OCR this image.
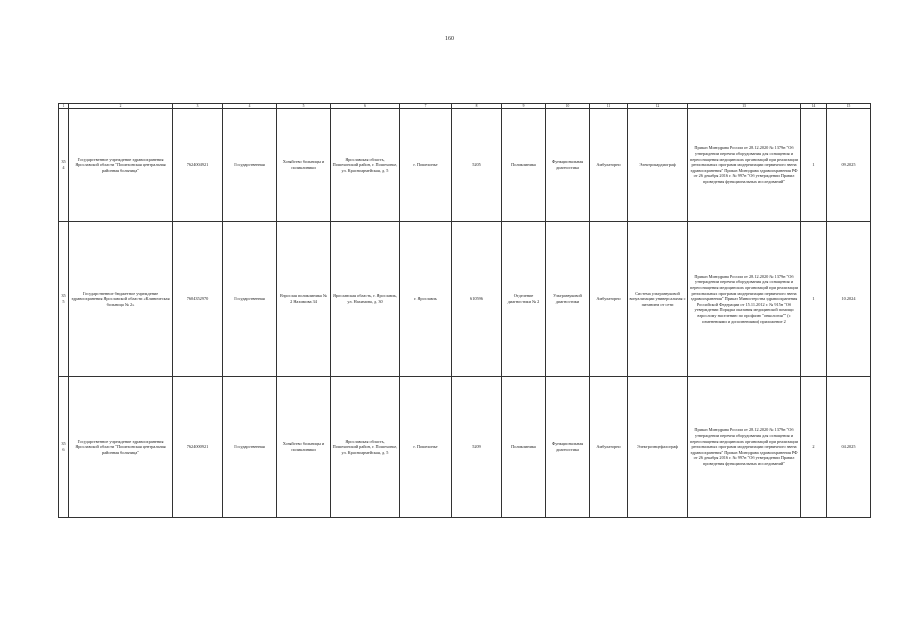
160
1	2	3	4	5	6	7	8	9	10	11	12	13	14	15
354	Государственное учреждение здравоохранения Ярославской области "Пошехонская центральная районная больница"	7624004921	Государственная	Хозяйство больницы и поликлиники	Ярославская область, Пошехонский район, г. Пошехонье, ул. Красноармейская, д. 5	г. Пошехонье	5205	Поликлиника	Функциональная диагностика	Амбулаторно	Электрокардиограф	Приказ Минздрава России от 28.12.2020 № 1379н "Об утверждении перечня оборудования для оснащения и переоснащения медицинских организаций при реализации региональных программ модернизации первичного звена здравоохранения" Приказ Минздрава здравоохранения РФ от 26 декабря 2016 г. № 997н "Об утверждении Правил проведения функциональных исследований"	1	09.2025
355	Государственное бюджетное учреждение здравоохранения Ярославской области «Клиническая больница № 2»	7604352970	Государственная	Взрослая поликлиника № 2 Нахимова 34	Ярославская область, г. Ярославль, ул. Нахимова, д. 30	г. Ярославль	610596	Отделение диагностики № 2	Ультразвуковой диагностики	Амбулаторно	Система ультразвуковой визуализации универсальная с питанием от сети	Приказ Минздрава России от 28.12.2020 № 1379н "Об утверждении перечня оборудования для оснащения и переоснащения медицинских организаций при реализации региональных программ модернизации первичного звена здравоохранения" Приказ Министерства здравоохранения Российской Федерации от 15.11.2012 г. № 915н "Об утверждении Порядка оказания медицинской помощи взрослому населению по профилю "онкология"" (с изменениями и дополнениями) приложение 2	1	10.2024
356	Государственное учреждение здравоохранения Ярославской области "Пошехонская центральная районная больница"	7624000921	Государственная	Хозяйство больницы и поликлиники	Ярославская область, Пошехонский район, г. Пошехонье, ул. Красноармейская, д. 5	г. Пошехонье	5209	Поликлиника	Функциональная диагностика	Амбулаторно	Электроэнцефалограф	Приказ Минздрава России от 28.12.2020 № 1379н "Об утверждении перечня оборудования для оснащения и переоснащения медицинских организаций при реализации региональных программ модернизации первичного звена здравоохранения" Приказ Минздрава здравоохранения РФ от 26 декабря 2016 г. № 997н "Об утверждении Правил проведения функциональных исследований"	2	04.2025
